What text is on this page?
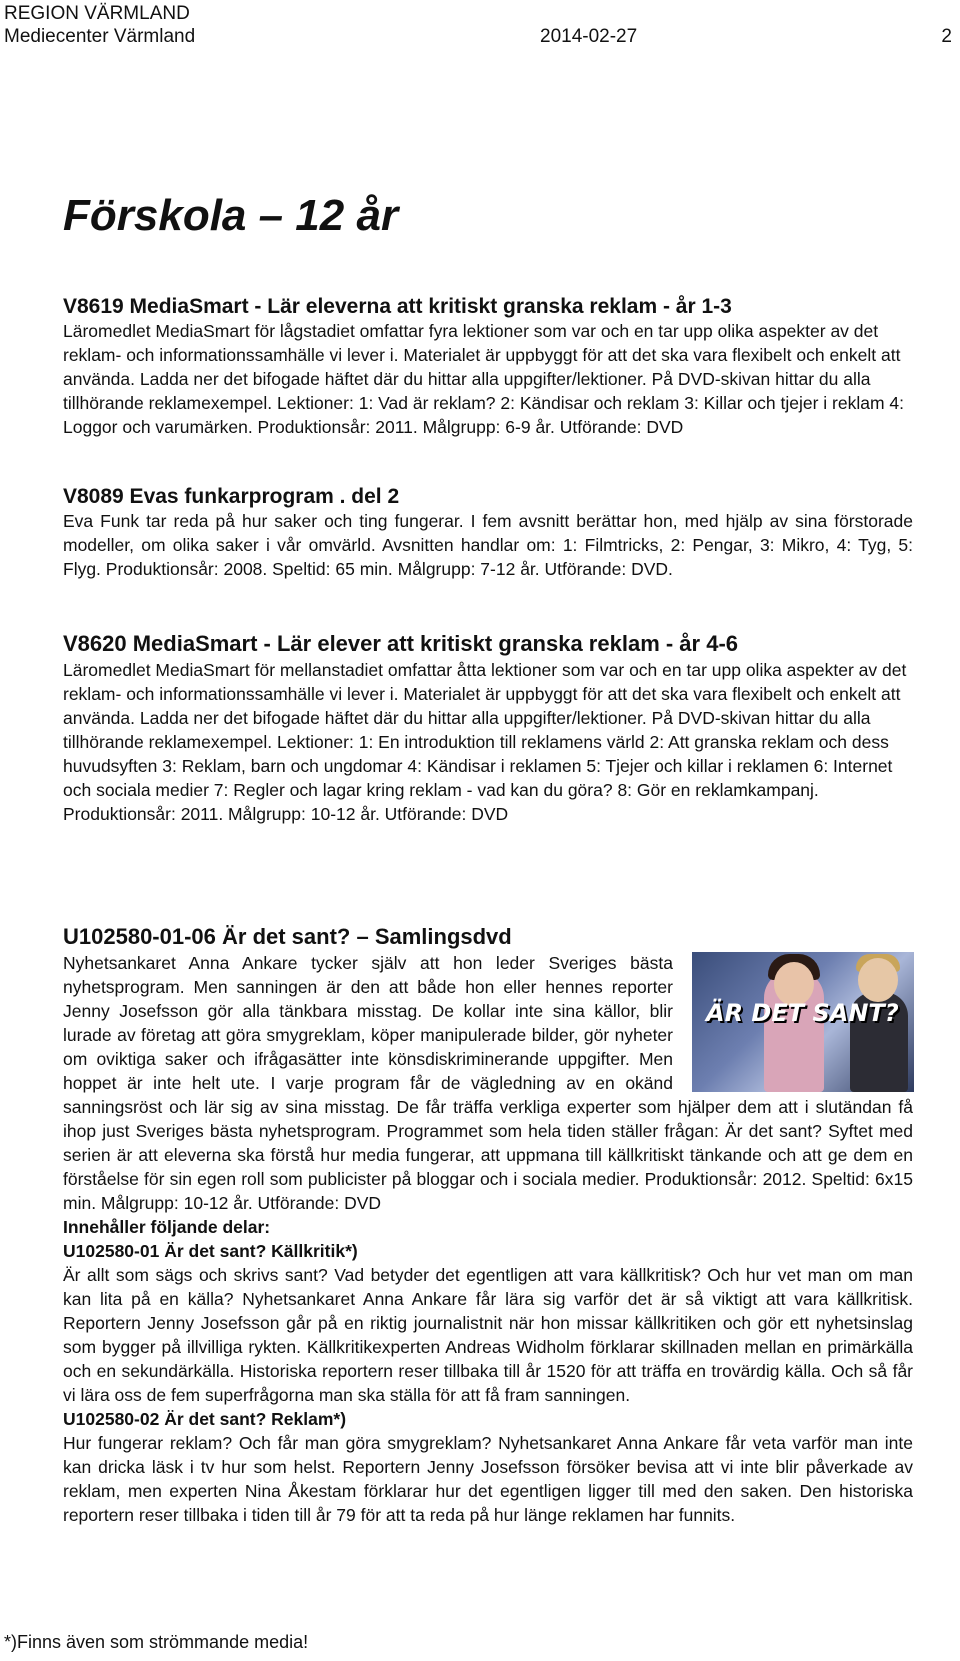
REGION VÄRMLAND
Mediecenter Värmland	2014-02-27	2
Förskola – 12 år
V8619 MediaSmart - Lär eleverna att kritiskt granska reklam - år 1-3

Läromedlet MediaSmart för lågstadiet omfattar fyra lektioner som var och en tar upp olika aspekter av det reklam- och informationssamhälle vi lever i. Materialet är uppbyggt för att det ska vara flexibelt och enkelt att använda. Ladda ner det bifogade häftet där du hittar alla uppgifter/lektioner. På DVD-skivan hittar du alla tillhörande reklamexempel. Lektioner: 1: Vad är reklam? 2: Kändisar och reklam 3: Killar och tjejer i reklam 4: Loggor och varumärken. Produktionsår: 2011. Målgrupp: 6-9 år. Utförande: DVD

V8089 Evas funkarprogram . del 2

Eva Funk tar reda på hur saker och ting fungerar. I fem avsnitt berättar hon, med hjälp av sina förstorade modeller, om olika saker i vår omvärld. Avsnitten handlar om: 1: Filmtricks, 2: Pengar, 3: Mikro, 4: Tyg, 5: Flyg. Produktionsår: 2008. Speltid: 65 min. Målgrupp: 7-12 år. Utförande: DVD.

V8620 MediaSmart - Lär elever att kritiskt granska reklam - år 4-6

Läromedlet MediaSmart för mellanstadiet omfattar åtta lektioner som var och en tar upp olika aspekter av det reklam- och informationssamhälle vi lever i. Materialet är uppbyggt för att det ska vara flexibelt och enkelt att använda. Ladda ner det bifogade häftet där du hittar alla uppgifter/lektioner. På DVD-skivan hittar du alla tillhörande reklamexempel. Lektioner: 1: En introduktion till reklamens värld 2: Att granska reklam och dess huvudsyften 3: Reklam, barn och ungdomar 4: Kändisar i reklamen 5: Tjejer och killar i reklamen 6: Internet och sociala medier 7: Regler och lagar kring reklam - vad kan du göra? 8: Gör en reklamkampanj. Produktionsår: 2011. Målgrupp: 10-12 år. Utförande: DVD

U102580-01-06 Är det sant? – Samlingsdvd
Nyhetsankaret Anna Ankare tycker själv att hon leder Sveriges bästa nyhetsprogram. Men sanningen är den att både hon eller hennes reporter Jenny Josefsson gör alla tänkbara misstag. De kollar inte sina källor, blir lurade av företag att göra smygreklam, köper manipulerade bilder, gör nyheter om oviktiga saker och ifrågasätter inte könsdiskriminerande uppgifter. Men hoppet är inte helt ute. I varje program får de vägledning av en okänd sanningsröst och lär sig av sina misstag. De får träffa verkliga experter som hjälper dem att i slutändan få ihop just Sveriges bästa nyhetsprogram. Programmet som hela tiden ställer frågan: Är det sant? Syftet med serien är att eleverna ska förstå hur media fungerar, att uppmana till källkritiskt tänkande och att ge dem en förståelse för sin egen roll som publicister på bloggar och i sociala medier. Produktionsår: 2012. Speltid: 6x15 min. Målgrupp: 10-12 år. Utförande: DVD

Innehåller följande delar:

U102580-01 Är det sant? Källkritik*)

Är allt som sägs och skrivs sant? Vad betyder det egentligen att vara källkritisk? Och hur vet man om man kan lita på en källa? Nyhetsankaret Anna Ankare får lära sig varför det är så viktigt att vara källkritisk. Reportern Jenny Josefsson går på en riktig journalistnit när hon missar källkritiken och gör ett nyhetsinslag som bygger på illvilliga rykten. Källkritikexperten Andreas Widholm förklarar skillnaden mellan en primärkälla och en sekundärkälla. Historiska reportern reser tillbaka till år 1520 för att träffa en trovärdig källa. Och så får vi lära oss de fem superfrågorna man ska ställa för att få fram sanningen.

U102580-02 Är det sant? Reklam*)

Hur fungerar reklam? Och får man göra smygreklam? Nyhetsankaret Anna Ankare får veta varför man inte kan dricka läsk i tv hur som helst. Reportern Jenny Josefsson försöker bevisa att vi inte blir påverkade av reklam, men experten Nina Åkestam förklarar hur det egentligen ligger till med den saken. Den historiska reportern reser tillbaka i tiden till år 79 för att ta reda på hur länge reklamen har funnits.

ÄR DET SANT?
*)Finns även som strömmande media!
